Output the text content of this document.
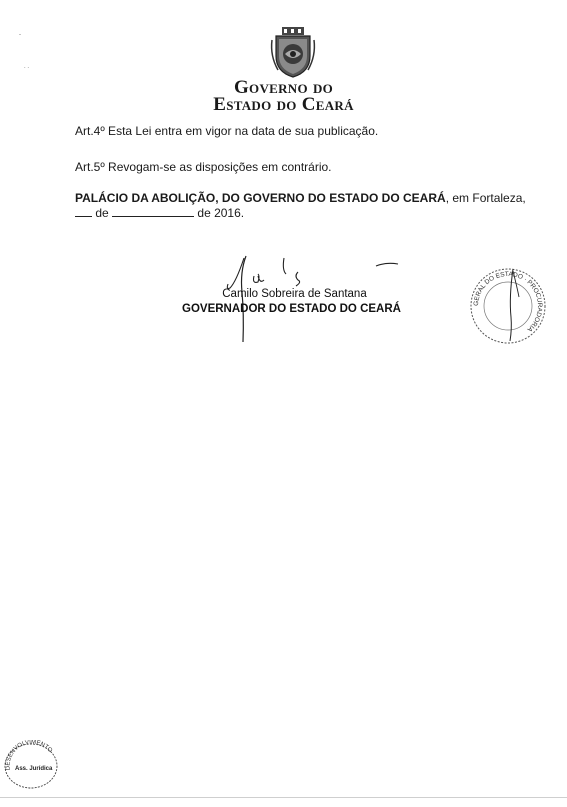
-
. .
Governo do
Estado do Ceará
Art.4º Esta Lei entra em vigor na data de sua publicação.
Art.5º Revogam-se as disposições em contrário.
PALÁCIO DA ABOLIÇÃO, DO GOVERNO DO ESTADO DO CEARÁ, em Fortaleza,
de	de 2016.
Camilo Sobreira de Santana
GOVERNADOR DO ESTADO DO CEARÁ	GERAL DO ESTADO · PROCURADORIA
DESENVOLVIMENTO
Ass. Jurídica
